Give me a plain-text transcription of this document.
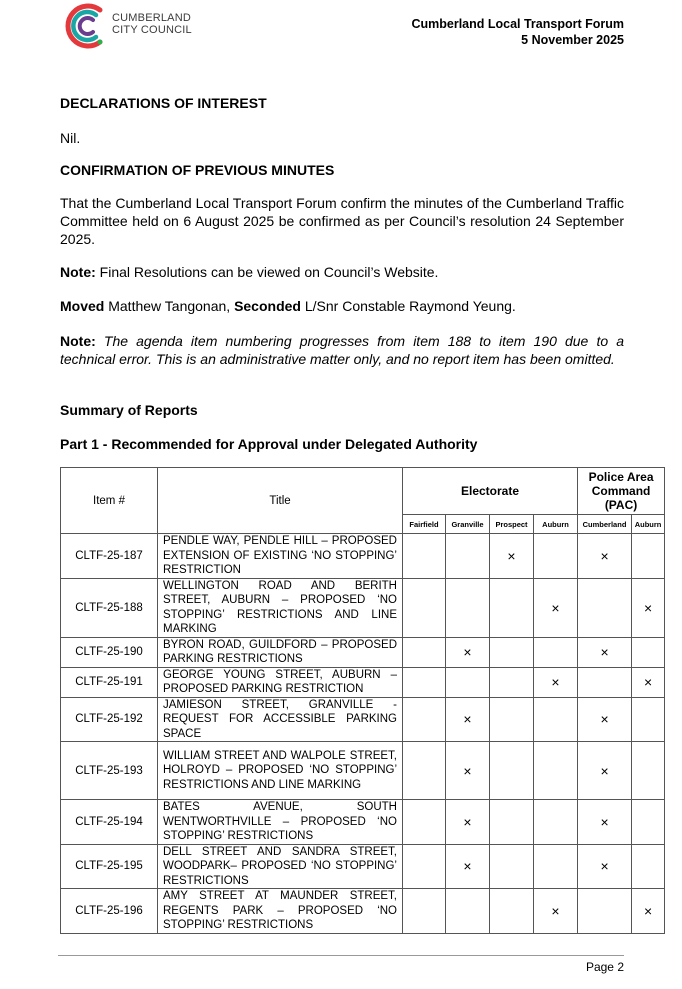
CUMBERLAND
CITY COUNCIL	Cumberland Local Transport Forum
5 November 2025
DECLARATIONS OF INTEREST
Nil.
CONFIRMATION OF PREVIOUS MINUTES
That the Cumberland Local Transport Forum confirm the minutes of the Cumberland Traffic Committee held on 6 August 2025 be confirmed as per Council’s resolution 24 September 2025.
Note: Final Resolutions can be viewed on Council’s Website.
Moved Matthew Tangonan, Seconded L/Snr Constable Raymond Yeung.
Note: The agenda item numbering progresses from item 188 to item 190 due to a technical error. This is an administrative matter only, and no report item has been omitted.
Summary of Reports
Part 1 - Recommended for Approval under Delegated Authority
Item #	Title	Electorate				Police Area Command (PAC)	
		Fairfield	Granville	Prospect	Auburn	Cumberland	Auburn
CLTF-25-187	PENDLE WAY, PENDLE HILL – PROPOSED EXTENSION OF EXISTING ‘NO STOPPING’ RESTRICTION			×		×	
CLTF-25-188	WELLINGTON ROAD AND BERITH STREET, AUBURN – PROPOSED ‘NO STOPPING’ RESTRICTIONS AND LINE MARKING				×		×
CLTF-25-190	BYRON ROAD, GUILDFORD – PROPOSED PARKING RESTRICTIONS		×			×	
CLTF-25-191	GEORGE YOUNG STREET, AUBURN – PROPOSED PARKING RESTRICTION				×		×
CLTF-25-192	JAMIESON STREET, GRANVILLE - REQUEST FOR ACCESSIBLE PARKING SPACE		×			×	
CLTF-25-193	WILLIAM STREET AND WALPOLE STREET, HOLROYD – PROPOSED ‘NO STOPPING’ RESTRICTIONS AND LINE MARKING		×			×	
CLTF-25-194	BATES AVENUE, SOUTH WENTWORTHVILLE – PROPOSED ‘NO STOPPING’ RESTRICTIONS		×			×	
CLTF-25-195	DELL STREET AND SANDRA STREET, WOODPARK– PROPOSED ‘NO STOPPING’ RESTRICTIONS		×			×	
CLTF-25-196	AMY STREET AT MAUNDER STREET, REGENTS PARK – PROPOSED ‘NO STOPPING’ RESTRICTIONS				×		×
Page 2
